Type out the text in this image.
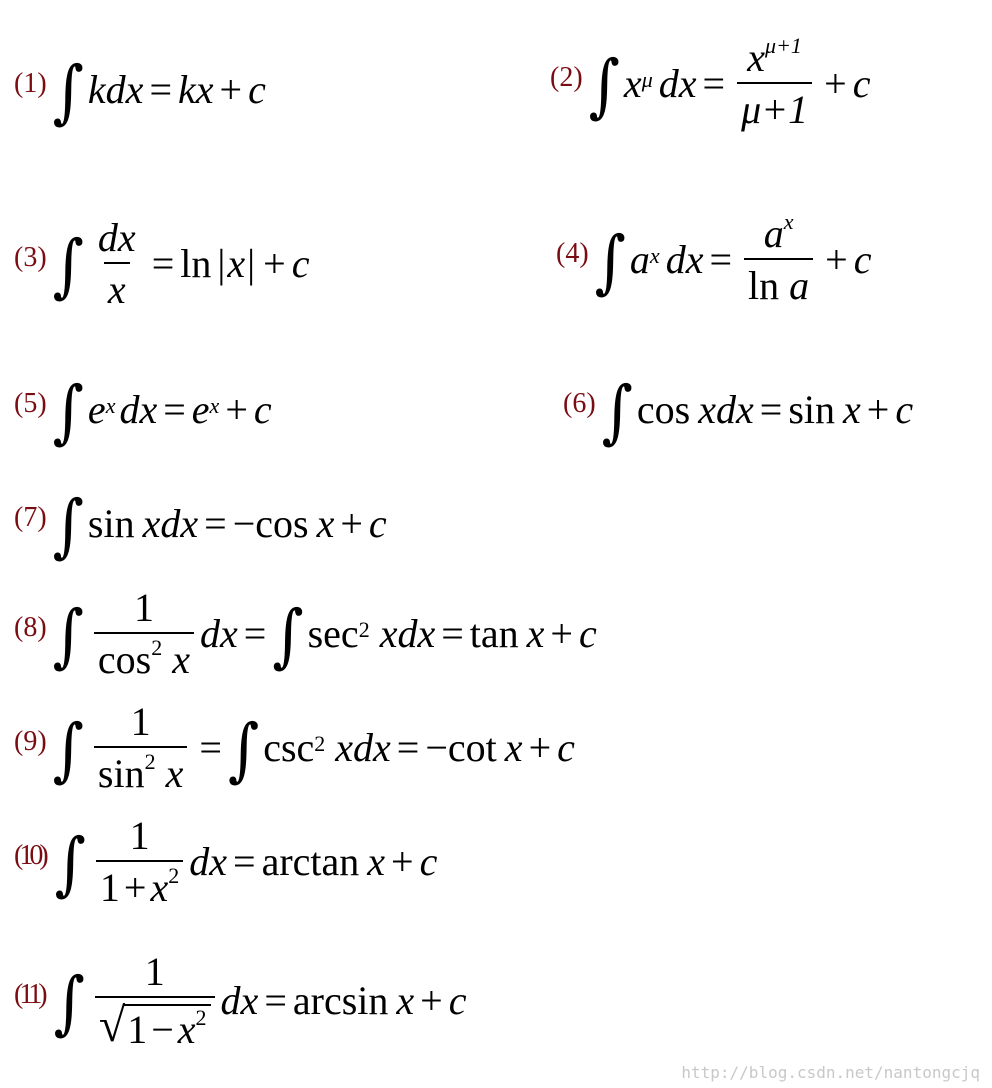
(1) ∫ kdx = kx + c	(2) ∫ $x^\mu$ dx = $\frac{x^{\mu+1}}{\mu+1} + c$
(3) ∫ $\frac{dx}{x} = \ln$ | x | + c	(4) ∫ $a^x$ dx = $\frac{a^x}{\text{ln a}} + c$
(5) ∫ $e^x$ dx = $e^x + c$	(6) ∫ cos xdx = sin x + c
(7) ∫ sin xdx = − cos x + c
(8) ∫ $\frac{1}{\cos^2 x}$ dx = ∫ $\sec^2$ xdx = tan x + c
(9) ∫ $\frac{1}{\sin^2 x}$ = ∫ $\csc^2$ xdx = − cot x + c
(10) ∫ $\frac{1}{1 + x^2}$ dx = arctan x + c
(11) ∫ $\frac{1}{√ 1 - x^2}$ dx = arcsin x + c
http://blog.csdn.net/nantongcjq
